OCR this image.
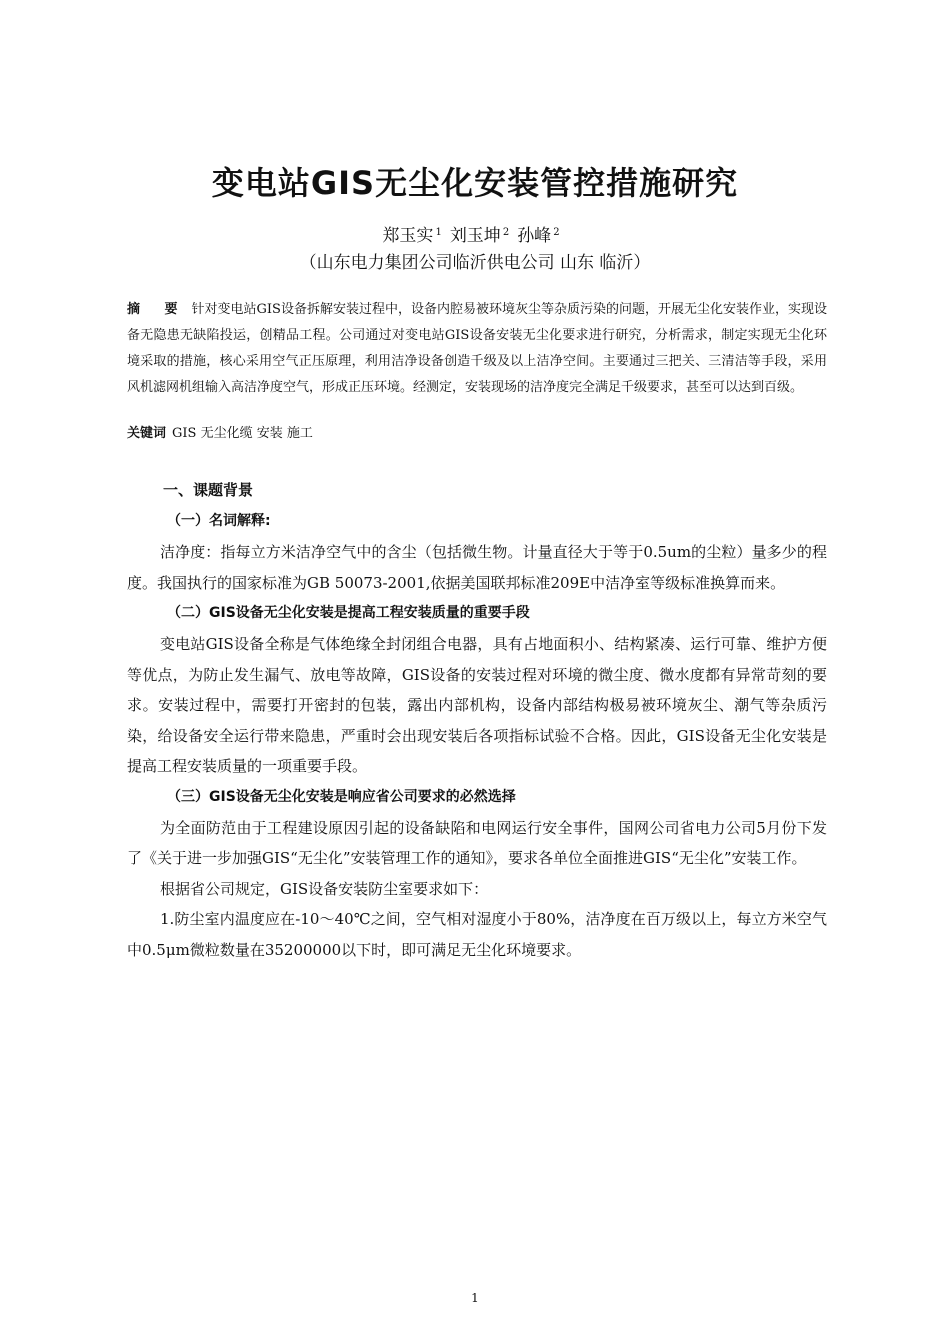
变电站GIS无尘化安装管控措施研究
郑玉实 $^1$ 刘玉坤 $^2$ 孙峰 $^2$
（山东电力集团公司临沂供电公司 山东 临沂）
摘 要 针对变电站GIS设备拆解安装过程中，设备内腔易被环境灰尘等杂质污染的问题，开展无尘化安装作业，实现设备无隐患无缺陷投运，创精品工程。公司通过对变电站GIS设备安装无尘化要求进行研究，分析需求，制定实现无尘化环境采取的措施，核心采用空气正压原理，利用洁净设备创造千级及以上洁净空间。主要通过三把关、三清洁等手段，采用风机滤网机组输入高洁净度空气，形成正压环境。经测定，安装现场的洁净度完全满足千级要求，甚至可以达到百级。
关键词 GIS 无尘化缆 安装 施工
一、课题背景
（一）名词解释:

洁净度：指每立方米洁净空气中的含尘（包括微生物。计量直径大于等于0.5um的尘粒）量多少的程度。我国执行的国家标准为GB 50073-2001,依据美国联邦标准209E中洁净室等级标准换算而来。

（二）GIS设备无尘化安装是提高工程安装质量的重要手段

变电站GIS设备全称是气体绝缘全封闭组合电器，具有占地面积小、结构紧凑、运行可靠、维护方便等优点，为防止发生漏气、放电等故障，GIS设备的安装过程对环境的微尘度、微水度都有异常苛刻的要求。安装过程中，需要打开密封的包装，露出内部机构，设备内部结构极易被环境灰尘、潮气等杂质污染，给设备安全运行带来隐患，严重时会出现安装后各项指标试验不合格。因此，GIS设备无尘化安装是提高工程安装质量的一项重要手段。

（三）GIS设备无尘化安装是响应省公司要求的必然选择

为全面防范由于工程建设原因引起的设备缺陷和电网运行安全事件，国网公司省电力公司5月份下发了《关于进一步加强GIS“无尘化”安装管理工作的通知》，要求各单位全面推进GIS“无尘化”安装工作。

根据省公司规定，GIS设备安装防尘室要求如下：

1.防尘室内温度应在-10～40℃之间，空气相对湿度小于80%，洁净度在百万级以上，每立方米空气中0.5μm微粒数量在35200000以下时，即可满足无尘化环境要求。

1
